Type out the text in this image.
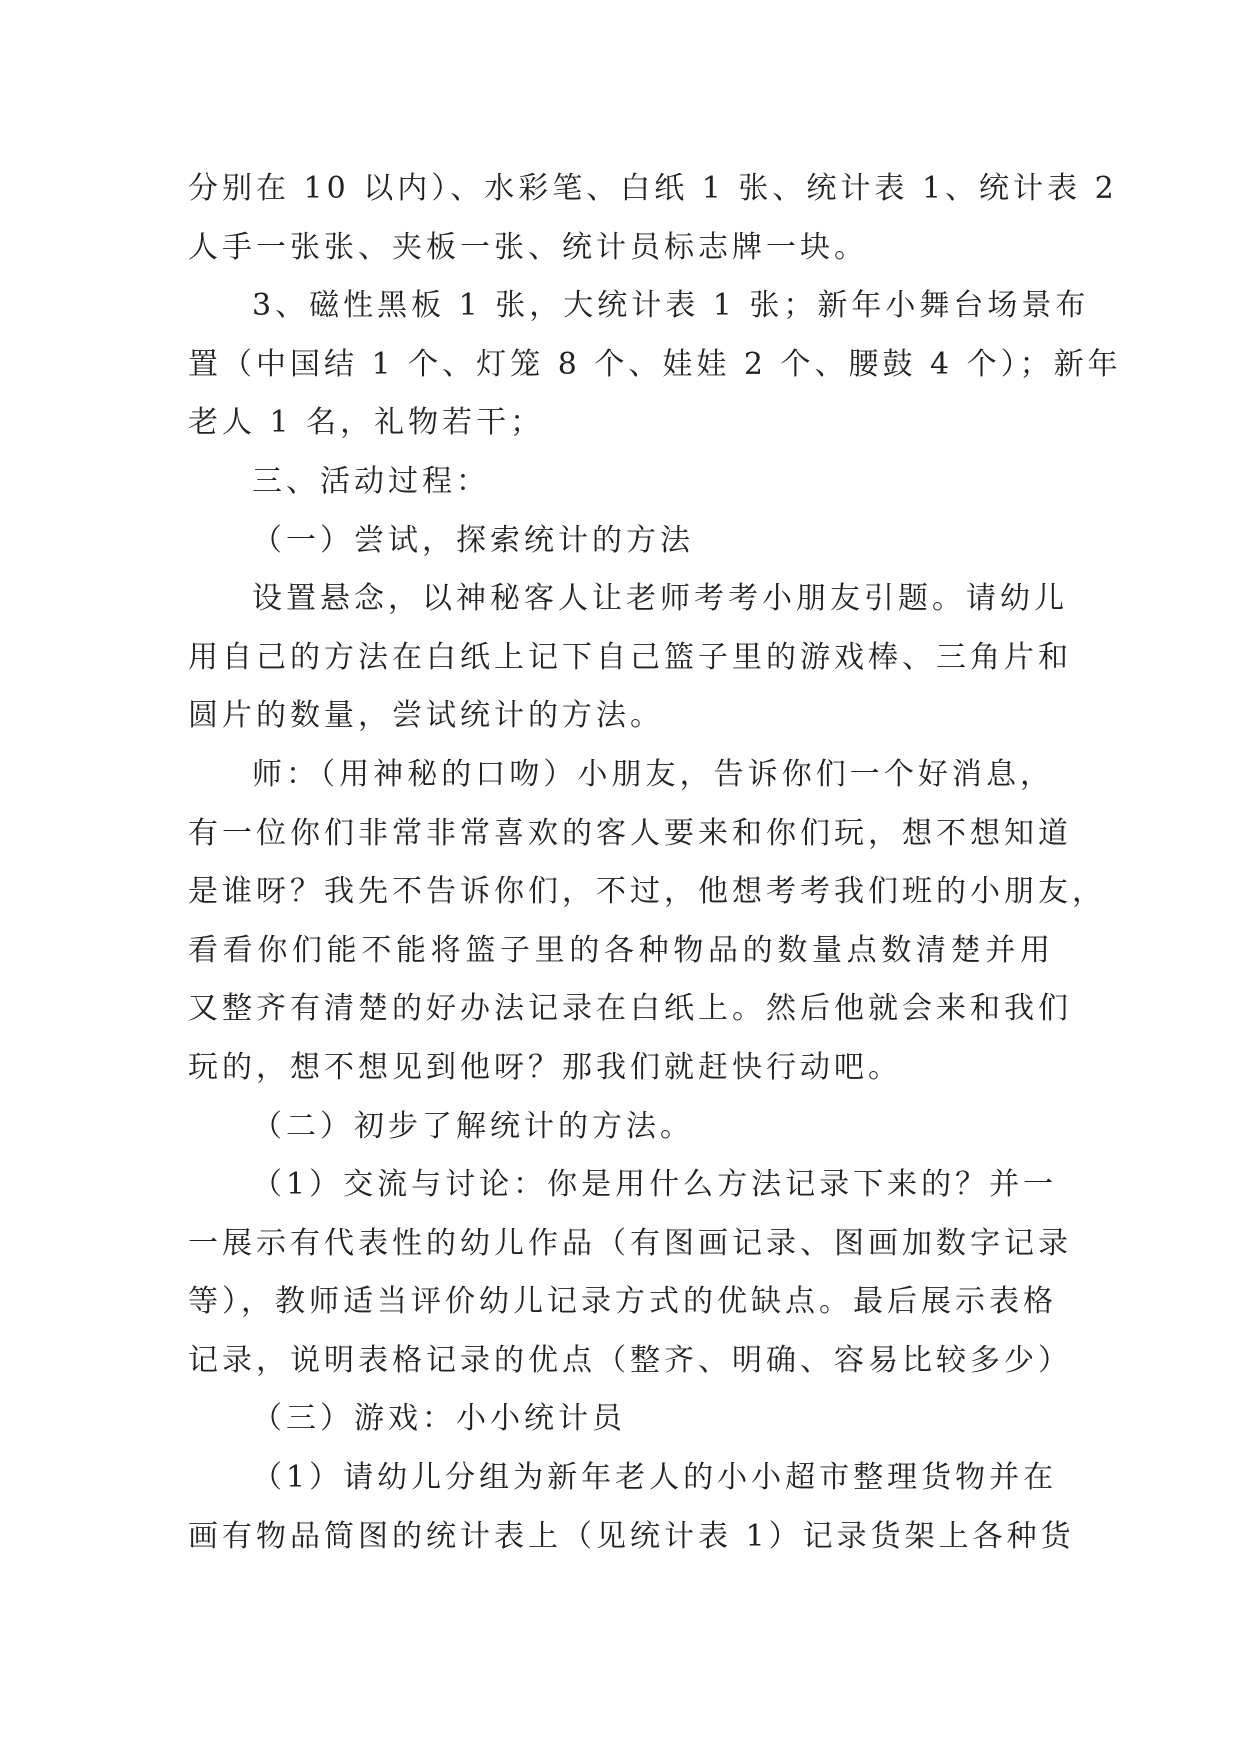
分别在 10 以内）、水彩笔、白纸 1 张、统计表 1、统计表 2
人手一张张、夹板一张、统计员标志牌一块。
3、磁性黑板 1 张，大统计表 1 张；新年小舞台场景布
置（中国结 1 个、灯笼 8 个、娃娃 2 个、腰鼓 4 个）；新年
老人 1 名，礼物若干；
三、活动过程：
（一）尝试，探索统计的方法
设置悬念，以神秘客人让老师考考小朋友引题。请幼儿
用自己的方法在白纸上记下自己篮子里的游戏棒、三角片和
圆片的数量，尝试统计的方法。
师：（用神秘的口吻）小朋友，告诉你们一个好消息，
有一位你们非常非常喜欢的客人要来和你们玩，想不想知道
是谁呀？我先不告诉你们，不过，他想考考我们班的小朋友，
看看你们能不能将篮子里的各种物品的数量点数清楚并用
又整齐有清楚的好办法记录在白纸上。然后他就会来和我们
玩的，想不想见到他呀？那我们就赶快行动吧。
（二）初步了解统计的方法。
（1）交流与讨论：你是用什么方法记录下来的？并一
一展示有代表性的幼儿作品（有图画记录、图画加数字记录
等），教师适当评价幼儿记录方式的优缺点。最后展示表格
记录，说明表格记录的优点（整齐、明确、容易比较多少）
（三）游戏：小小统计员
（1）请幼儿分组为新年老人的小小超市整理货物并在
画有物品简图的统计表上（见统计表 1）记录货架上各种货
